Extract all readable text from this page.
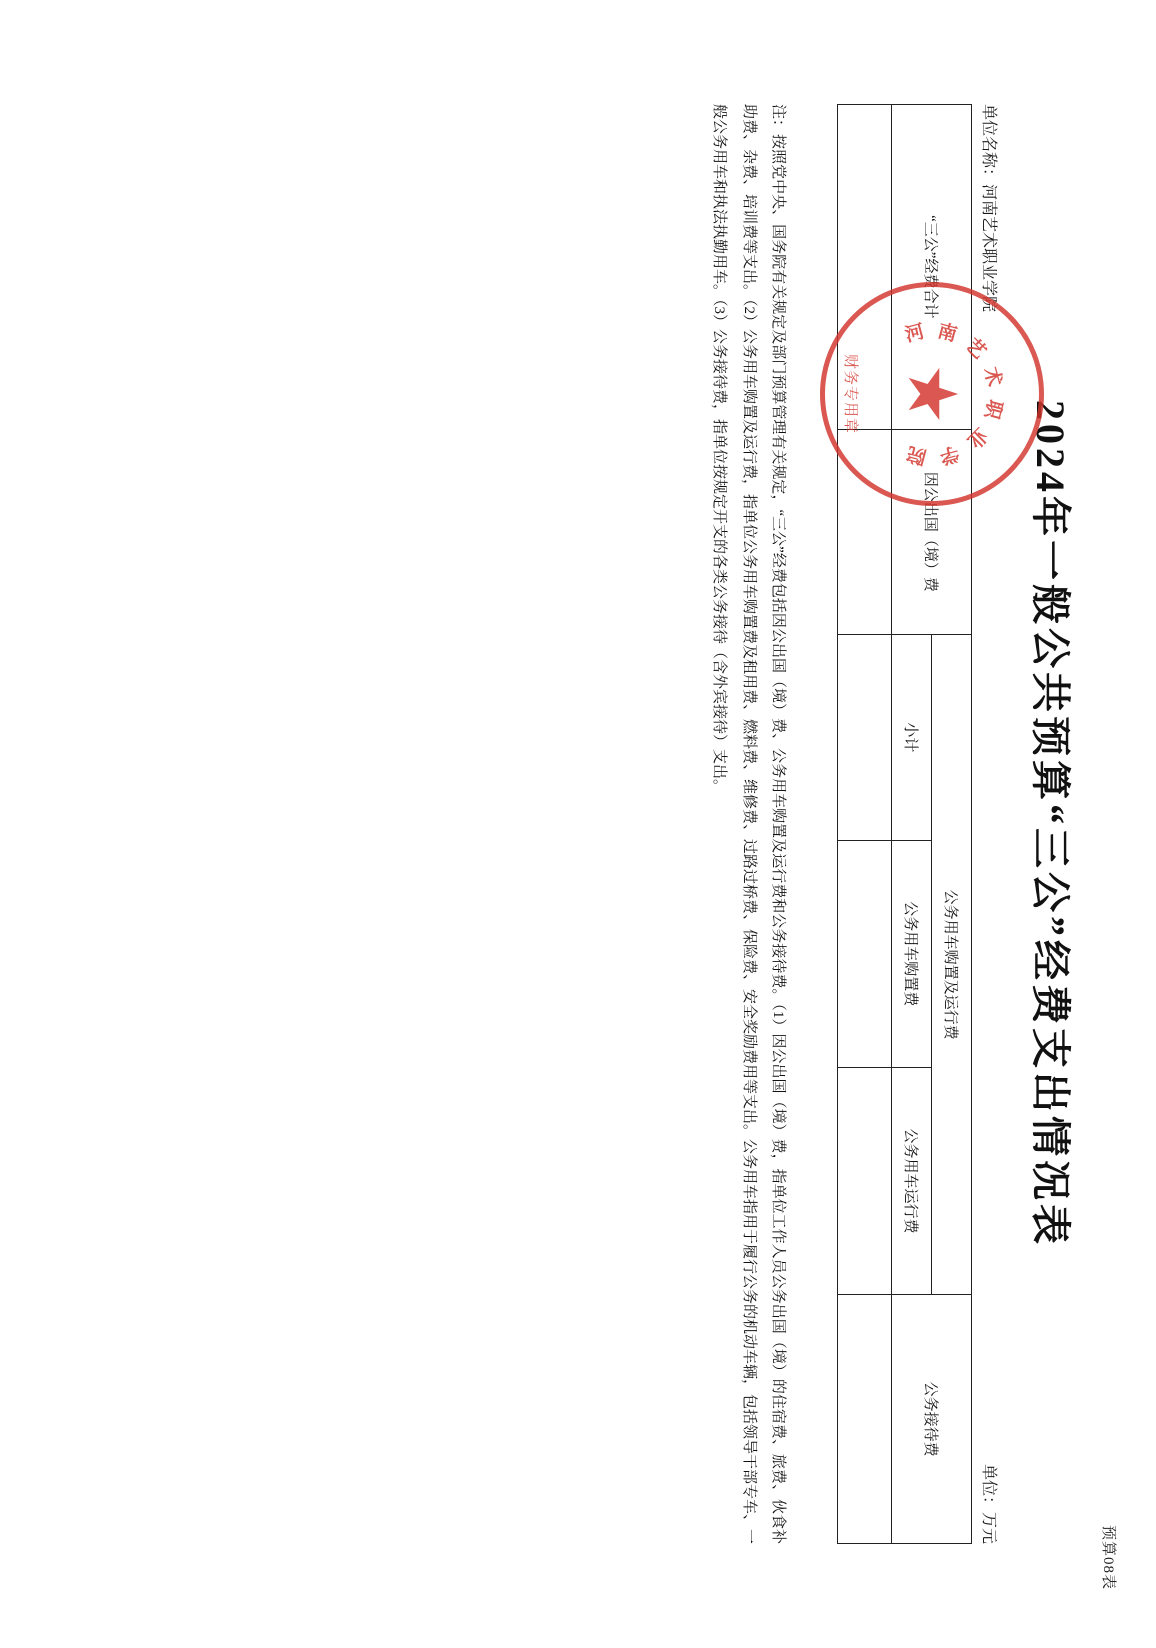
预算08表
2024年一般公共预算“三公”经费支出情况表
单位名称：河南艺术职业学院
单位：万元
“三公”经费合计	因公出国（境）费	公务用车购置及运行费			公务接待费
		小计	公务用车购置费	公务用车运行费	

注：按照党中央、国务院有关规定及部门预算管理有关规定，“三公”经费包括因公出国（境）费、公务用车购置及运行费和公务接待费。（1）因公出国（境）费，指单位工作人员公务出国（境）的住宿费、旅费、伙食补助费、杂费、培训费等支出。（2）公务用车购置及运行费，指单位公务用车购置费及租用费、燃料费、维修费、过路过桥费、保险费、安全奖励费用等支出。公务用车指用于履行公务的机动车辆，包括领导干部专车、一般公务用车和执法执勤用车。（3）公务接待费，指单位按规定开支的各类公务接待（含外宾接待）支出。	★
河 南
艺
术
职
业
学
院
财务专用章
